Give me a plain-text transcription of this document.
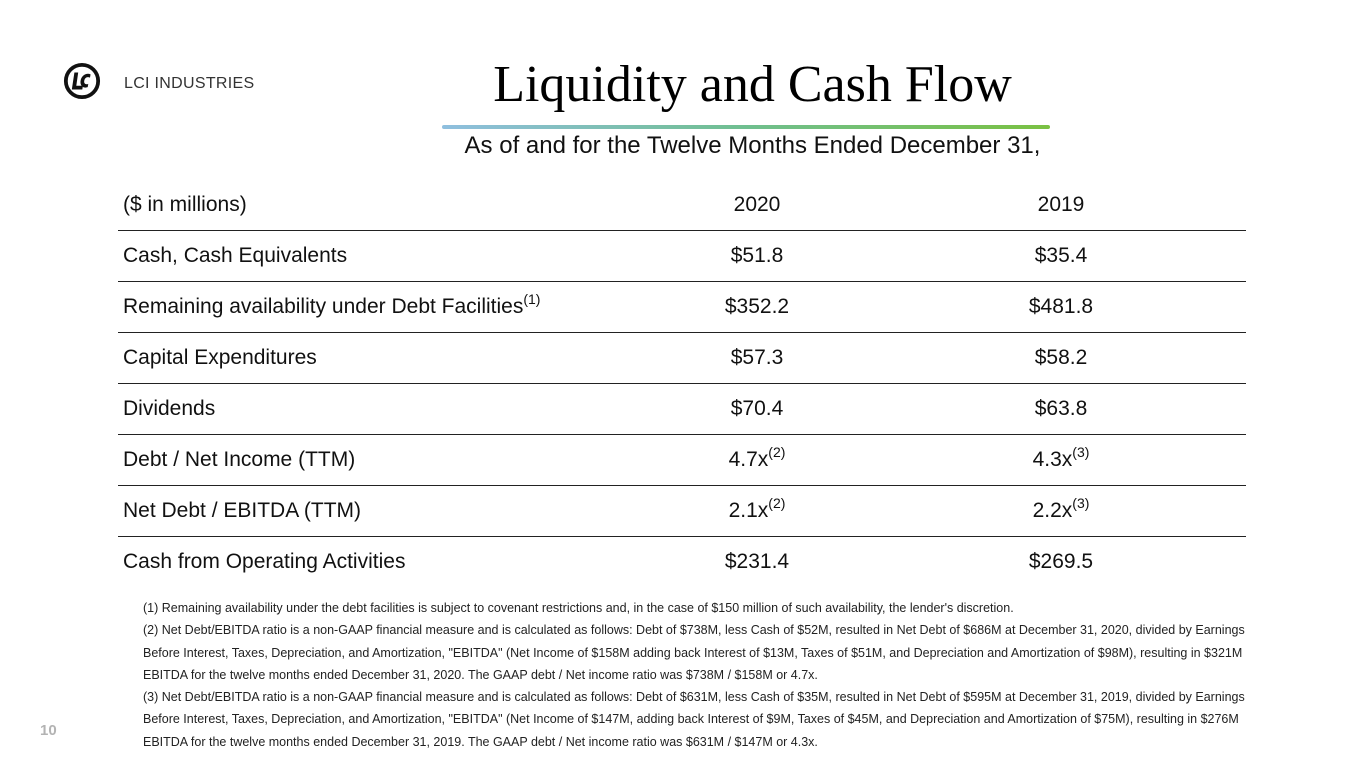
LCI INDUSTRIES	Liquidity and Cash Flow
As of and for the Twelve Months Ended December 31,
($ in millions)	2020	2019
Cash, Cash Equivalents	$51.8	$35.4
Remaining availability under Debt Facilities$^{(1)}$	$352.2	$481.8
Capital Expenditures	$57.3	$58.2
Dividends	$70.4	$63.8
Debt / Net Income (TTM)	$4.7x^{(2)}$	$4.3x^{(3)}$
Net Debt / EBITDA (TTM)	$2.1x^{(2)}$	$2.2x^{(3)}$
Cash from Operating Activities	$231.4	$269.5

(1) Remaining availability under the debt facilities is subject to covenant restrictions and, in the case of $150 million of such availability, the lender's discretion.

(2) Net Debt/EBITDA ratio is a non-GAAP financial measure and is calculated as follows: Debt of $738M, less Cash of $52M, resulted in Net Debt of $686M at December 31, 2020, divided by Earnings Before Interest, Taxes, Depreciation, and Amortization, "EBITDA" (Net Income of $158M adding back Interest of $13M, Taxes of $51M, and Depreciation and Amortization of $98M), resulting in $321M EBITDA for the twelve months ended December 31, 2020. The GAAP debt / Net income ratio was $738M / $158M or 4.7x.

(3) Net Debt/EBITDA ratio is a non-GAAP financial measure and is calculated as follows: Debt of $631M, less Cash of $35M, resulted in Net Debt of $595M at December 31, 2019, divided by Earnings Before Interest, Taxes, Depreciation, and Amortization, "EBITDA" (Net Income of $147M, adding back Interest of $9M, Taxes of $45M, and Depreciation and Amortization of $75M), resulting in $276M EBITDA for the twelve months ended December 31, 2019. The GAAP debt / Net income ratio was $631M / $147M or 4.3x.

10
